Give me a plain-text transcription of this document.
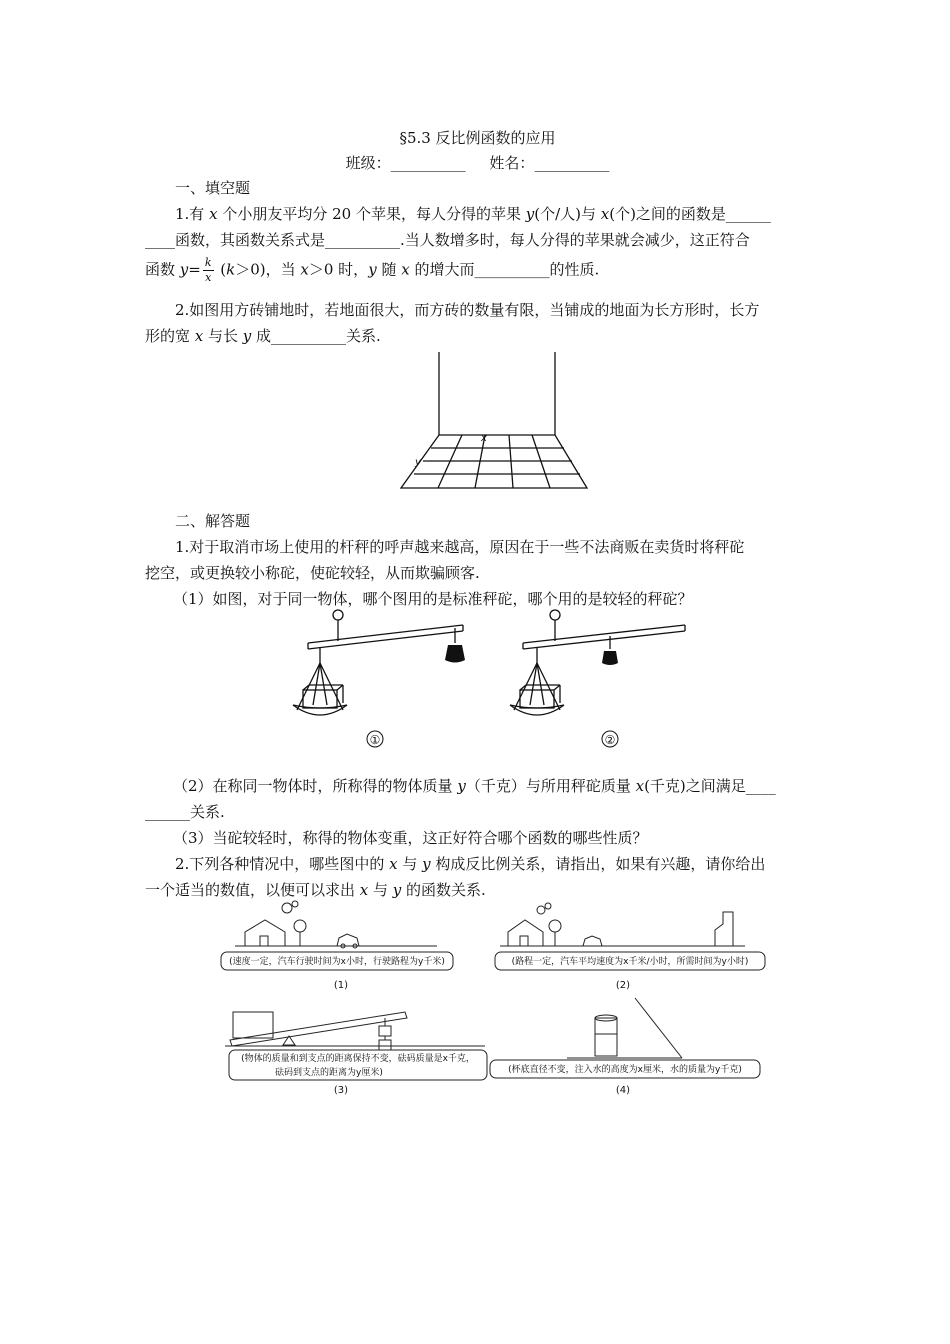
§5.3 反比例函数的应用
班级：__________ 姓名：__________
一、填空题
1.有 x 个小朋友平均分 20 个苹果，每人分得的苹果 y(个/人)与 x(个)之间的函数是______
____函数，其函数关系式是__________.当人数增多时，每人分得的苹果就会减少，这正符合
函数 $y= \frac{k}{x} (k>0)$，当 x＞0 时，y 随 x 的增大而__________的性质.
2.如图用方砖铺地时，若地面很大，而方砖的数量有限，当铺成的地面为长方形时，长方
形的宽 x 与长 y 成__________关系.
x
y
二、解答题
1.对于取消市场上使用的杆秤的呼声越来越高，原因在于一些不法商贩在卖货时将秤砣
挖空，或更换较小称砣，使砣较轻，从而欺骗顾客.
（1）如图，对于同一物体，哪个图用的是标准秤砣，哪个用的是较轻的秤砣？
①	②
（2）在称同一物体时，所称得的物体质量 y（千克）与所用秤砣质量 x(千克)之间满足____
______关系.
（3）当砣较轻时，称得的物体变重，这正好符合哪个函数的哪些性质？
2.下列各种情况中，哪些图中的 x 与 y 构成反比例关系，请指出，如果有兴趣，请你给出
一个适当的数值，以便可以求出 x 与 y 的函数关系.
(速度一定，汽车行驶时间为x小时，行驶路程为y千米)
(1)
(路程一定，汽车平均速度为x千米/小时，所需时间为y小时)
(2)
(物体的质量和到支点的距离保持不变，砝码质量是x千克，
砝码到支点的距离为y厘米)
(3)
(杯底直径不变，注入水的高度为x厘米，水的质量为y千克)
(4)
